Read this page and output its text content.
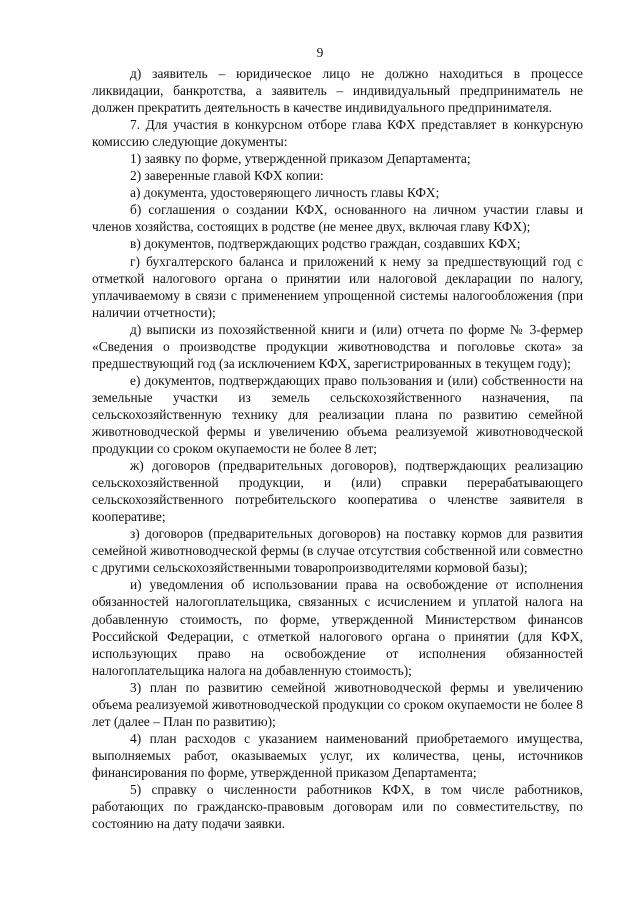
9

д) заявитель – юридическое лицо не должно находиться в процессе ликвидации, банкротства, а заявитель – индивидуальный предприниматель не должен прекратить деятельность в качестве индивидуального предпринимателя.

7. Для участия в конкурсном отборе глава КФХ представляет в конкурсную комиссию следующие документы:

1) заявку по форме, утвержденной приказом Департамента;

2) заверенные главой КФХ копии:

а) документа, удостоверяющего личность главы КФХ;

б) соглашения о создании КФХ, основанного на личном участии главы и членов хозяйства, состоящих в родстве (не менее двух, включая главу КФХ);

в) документов, подтверждающих родство граждан, создавших КФХ;

г) бухгалтерского баланса и приложений к нему за предшествующий год с отметкой налогового органа о принятии или налоговой декларации по налогу, уплачиваемому в связи с применением упрощенной системы налогообложения (при наличии отчетности);

д) выписки из похозяйственной книги и (или) отчета по форме № 3-фермер «Сведения о производстве продукции животноводства и поголовье скота» за предшествующий год (за исключением КФХ, зарегистрированных в текущем году);

е) документов, подтверждающих право пользования и (или) собственности на земельные участки из земель сельскохозяйственного назначения, па сельскохозяйственную технику для реализации плана по развитию семейной животноводческой фермы и увеличению объема реализуемой животноводческой продукции со сроком окупаемости не более 8 лет;

ж) договоров (предварительных договоров), подтверждающих реализацию сельскохозяйственной продукции, и (или) справки перерабатывающего сельскохозяйственного потребительского кооператива о членстве заявителя в кооперативе;

з) договоров (предварительных договоров) на поставку кормов для развития семейной животноводческой фермы (в случае отсутствия собственной или совместно с другими сельскохозяйственными товаропроизводителями кормовой базы);

и) уведомления об использовании права на освобождение от исполнения обязанностей налогоплательщика, связанных с исчислением и уплатой налога на добавленную стоимость, по форме, утвержденной Министерством финансов Российской Федерации, с отметкой налогового органа о принятии (для КФХ, использующих право на освобождение от исполнения обязанностей налогоплательщика налога на добавленную стоимость);

3) план по развитию семейной животноводческой фермы и увеличению объема реализуемой животноводческой продукции со сроком окупаемости не более 8 лет (далее – План по развитию);

4) план расходов с указанием наименований приобретаемого имущества, выполняемых работ, оказываемых услуг, их количества, цены, источников финансирования по форме, утвержденной приказом Департамента;

5) справку о численности работников КФХ, в том числе работников, работающих по гражданско-правовым договорам или по совместительству, по состоянию на дату подачи заявки.
